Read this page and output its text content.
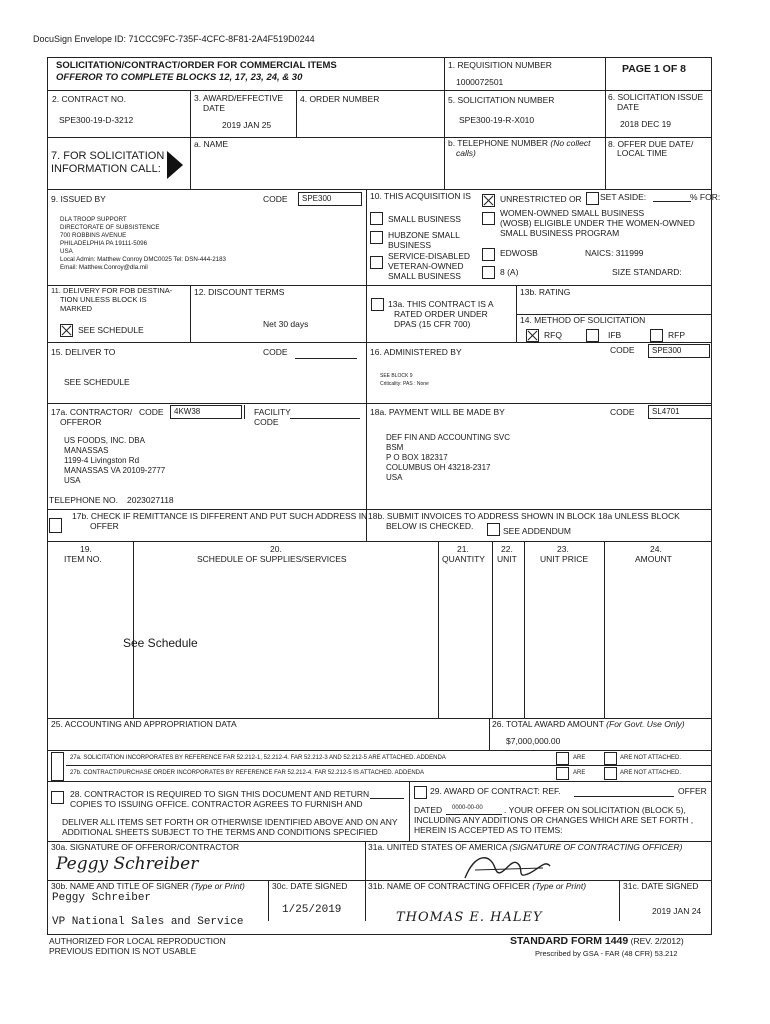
DocuSign Envelope ID: 71CCC9FC-735F-4CFC-8F81-2A4F519D0244
SOLICITATION/CONTRACT/ORDER FOR COMMERCIAL ITEMS
OFFEROR TO COMPLETE BLOCKS 12, 17, 23, 24, & 30
1. REQUISITION NUMBER
1000072501
PAGE 1 OF 8
2. CONTRACT NO.
SPE300-19-D-3212
3. AWARD/EFFECTIVE
DATE
2019 JAN 25
4. ORDER NUMBER	5. SOLICITATION NUMBER
SPE300-19-R-X010
6. SOLICITATION ISSUE
DATE
2018 DEC 19
7. FOR SOLICITATION
INFORMATION CALL:
a. NAME	b. TELEPHONE NUMBER (No collect
calls)
8. OFFER DUE DATE/
LOCAL TIME
9. ISSUED BY	CODE	SPE300
DLA TROOP SUPPORT
DIRECTORATE OF SUBSISTENCE
700 ROBBINS AVENUE
PHILADELPHIA PA 19111-5096
USA
Local Admin: Matthew Conroy DMC0025 Tel: DSN-444-2183
Email: Matthew.Conroy@dla.mil
10. THIS ACQUISITION IS	UNRESTRICTED OR SET ASIDE:	% FOR:
SMALL BUSINESS
HUBZONE SMALL
BUSINESS
SERVICE-DISABLED
VETERAN-OWNED
SMALL BUSINESS
WOMEN-OWNED SMALL BUSINESS
(WOSB) ELIGIBLE UNDER THE WOMEN-OWNED
SMALL BUSINESS PROGRAM
EDWOSB	NAICS: 311999
8 (A)	SIZE STANDARD:
11. DELIVERY FOR FOB DESTINA-
TION UNLESS BLOCK IS
MARKED
SEE SCHEDULE
12. DISCOUNT TERMS
Net 30 days
13a. THIS CONTRACT IS A
RATED ORDER UNDER
DPAS (15 CFR 700)
13b. RATING
14. METHOD OF SOLICITATION
RFQ	IFB	RFP
15. DELIVER TO	CODE
SEE SCHEDULE
16. ADMINISTERED BY	CODE	SPE300
SEE BLOCK 9
Criticality: PAS : None
17a. CONTRACTOR/
OFFEROR
CODE	4KW38	FACILITY
CODE
US FOODS, INC. DBA
MANASSAS
1199-4 Livingston Rd
MANASSAS VA 20109-2777
USA
18a. PAYMENT WILL BE MADE BY	CODE	SL4701
DEF FIN AND ACCOUNTING SVC
BSM
P O BOX 182317
COLUMBUS OH 43218-2317
USA
TELEPHONE NO. 2023027118
17b. CHECK IF REMITTANCE IS DIFFERENT AND PUT SUCH ADDRESS IN
OFFER
18b. SUBMIT INVOICES TO ADDRESS SHOWN IN BLOCK 18a UNLESS BLOCK
BELOW IS CHECKED.	SEE ADDENDUM
19.
ITEM NO.
20.
SCHEDULE OF SUPPLIES/SERVICES
21.
QUANTITY
22.
UNIT
23.
UNIT PRICE
24.
AMOUNT
See Schedule
25. ACCOUNTING AND APPROPRIATION DATA	26. TOTAL AWARD AMOUNT (For Govt. Use Only)
$7,000,000.00
27a. SOLICITATION INCORPORATES BY REFERENCE FAR 52.212-1, 52.212-4. FAR 52.212-3 AND 52.212-5 ARE ATTACHED. ADDENDA	ARE	ARE NOT ATTACHED.
27b. CONTRACT/PURCHASE ORDER INCORPORATES BY REFERENCE FAR 52.212-4. FAR 52.212-5 IS ATTACHED. ADDENDA	ARE	ARE NOT ATTACHED.
28. CONTRACTOR IS REQUIRED TO SIGN THIS DOCUMENT AND RETURN
COPIES TO ISSUING OFFICE. CONTRACTOR AGREES TO FURNISH AND
DELIVER ALL ITEMS SET FORTH OR OTHERWISE IDENTIFIED ABOVE AND ON ANY
ADDITIONAL SHEETS SUBJECT TO THE TERMS AND CONDITIONS SPECIFIED
29. AWARD OF CONTRACT: REF.	OFFER
DATED 0000-00-00	. YOUR OFFER ON SOLICITATION (BLOCK 5),
INCLUDING ANY ADDITIONS OR CHANGES WHICH ARE SET FORTH ,
HEREIN IS ACCEPTED AS TO ITEMS:
30a. SIGNATURE OF OFFEROR/CONTRACTOR
Peggy Schreiber
31a. UNITED STATES OF AMERICA (SIGNATURE OF CONTRACTING OFFICER)
30b. NAME AND TITLE OF SIGNER (Type or Print)
Peggy Schreiber
VP National Sales and Service
30c. DATE SIGNED
1/25/2019
31b. NAME OF CONTRACTING OFFICER (Type or Print)
THOMAS E. HALEY
31c. DATE SIGNED
2019 JAN 24
AUTHORIZED FOR LOCAL REPRODUCTION
PREVIOUS EDITION IS NOT USABLE
STANDARD FORM 1449 (REV. 2/2012)
Prescribed by GSA - FAR (48 CFR) 53.212
